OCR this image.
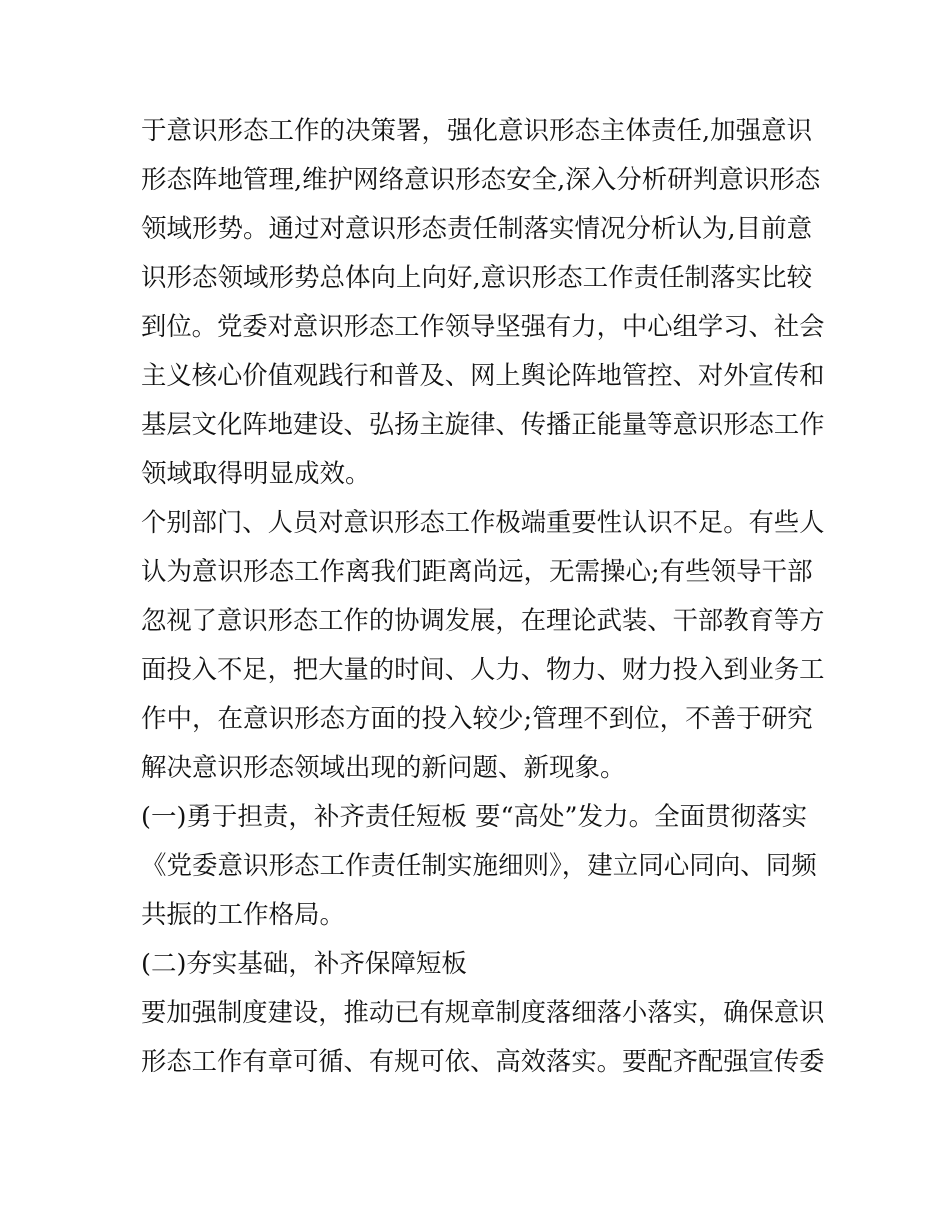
于意识形态工作的决策署，强化意识形态主体责任,加强意识

形态阵地管理,维护网络意识形态安全,深入分析研判意识形态

领域形势。通过对意识形态责任制落实情况分析认为,目前意

识形态领域形势总体向上向好,意识形态工作责任制落实比较

到位。党委对意识形态工作领导坚强有力，中心组学习、社会

主义核心价值观践行和普及、网上舆论阵地管控、对外宣传和

基层文化阵地建设、弘扬主旋律、传播正能量等意识形态工作

领域取得明显成效。

个别部门、人员对意识形态工作极端重要性认识不足。有些人

认为意识形态工作离我们距离尚远，无需操心;有些领导干部

忽视了意识形态工作的协调发展，在理论武装、干部教育等方

面投入不足，把大量的时间、人力、物力、财力投入到业务工

作中，在意识形态方面的投入较少;管理不到位，不善于研究

解决意识形态领域出现的新问题、新现象。

(一)勇于担责，补齐责任短板 要“高处”发力。全面贯彻落实

《党委意识形态工作责任制实施细则》，建立同心同向、同频

共振的工作格局。

(二)夯实基础，补齐保障短板

要加强制度建设，推动已有规章制度落细落小落实，确保意识

形态工作有章可循、有规可依、高效落实。要配齐配强宣传委
